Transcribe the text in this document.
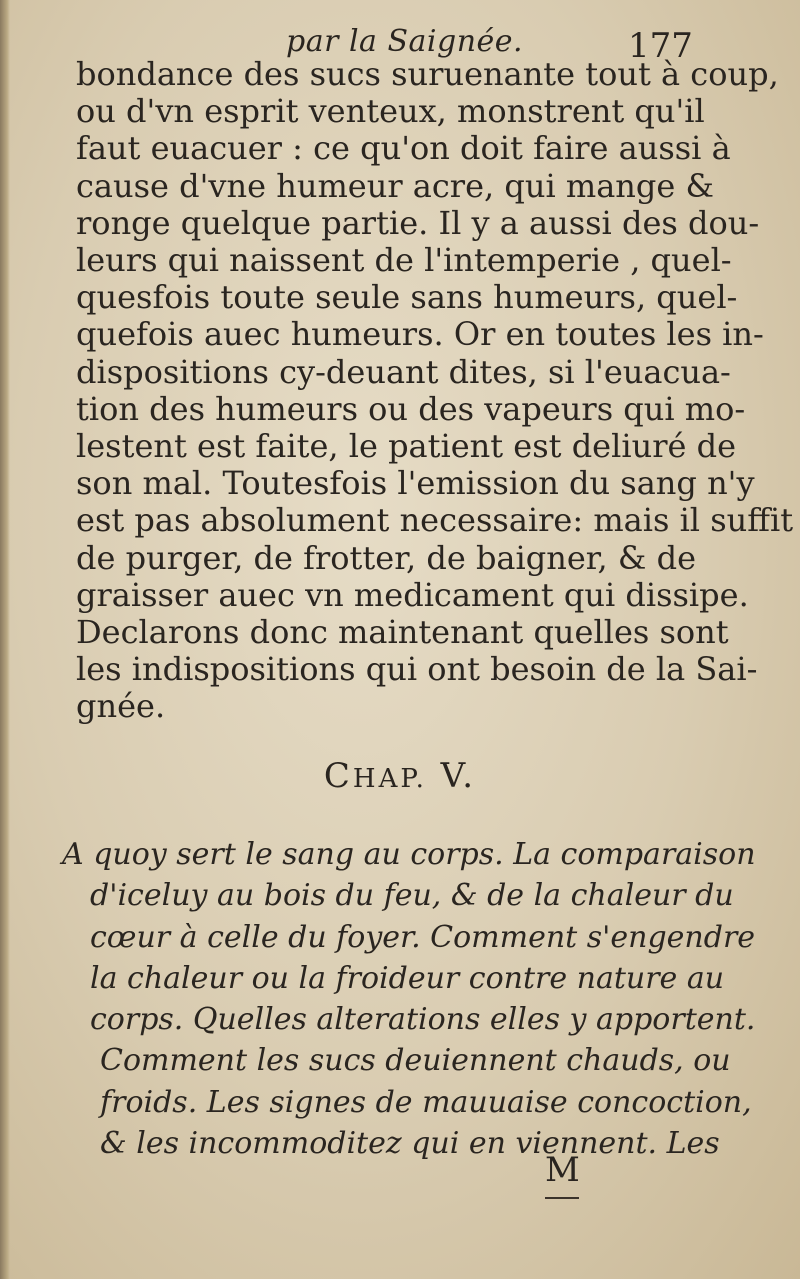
par la Saignée.	177
bondance des sucs suruenante tout à coup,
ou d'vn esprit venteux, monstrent qu'il
faut euacuer : ce qu'on doit faire aussi à
cause d'vne humeur acre, qui mange &
ronge quelque partie. Il y a aussi des dou-
leurs qui naissent de l'intemperie , quel-
quesfois toute seule sans humeurs, quel-
quefois auec humeurs. Or en toutes les in-
dispositions cy-deuant dites, si l'euacua-
tion des humeurs ou des vapeurs qui mo-
lestent est faite, le patient est deliuré de
son mal. Toutesfois l'emission du sang n'y
est pas absolument necessaire: mais il suffit
de purger, de frotter, de baigner, & de
graisser auec vn medicament qui dissipe.
Declarons donc maintenant quelles sont
les indispositions qui ont besoin de la Sai-
gnée.
CHAP. V.
A quoy sert le sang au corps. La comparaison
d'iceluy au bois du feu, & de la chaleur du
cœur à celle du foyer. Comment s'engendre
la chaleur ou la froideur contre nature au
corps. Quelles alterations elles y apportent.
Comment les sucs deuiennent chauds, ou
froids. Les signes de mauuaise concoction,
& les incommoditez qui en viennent. Les
M
